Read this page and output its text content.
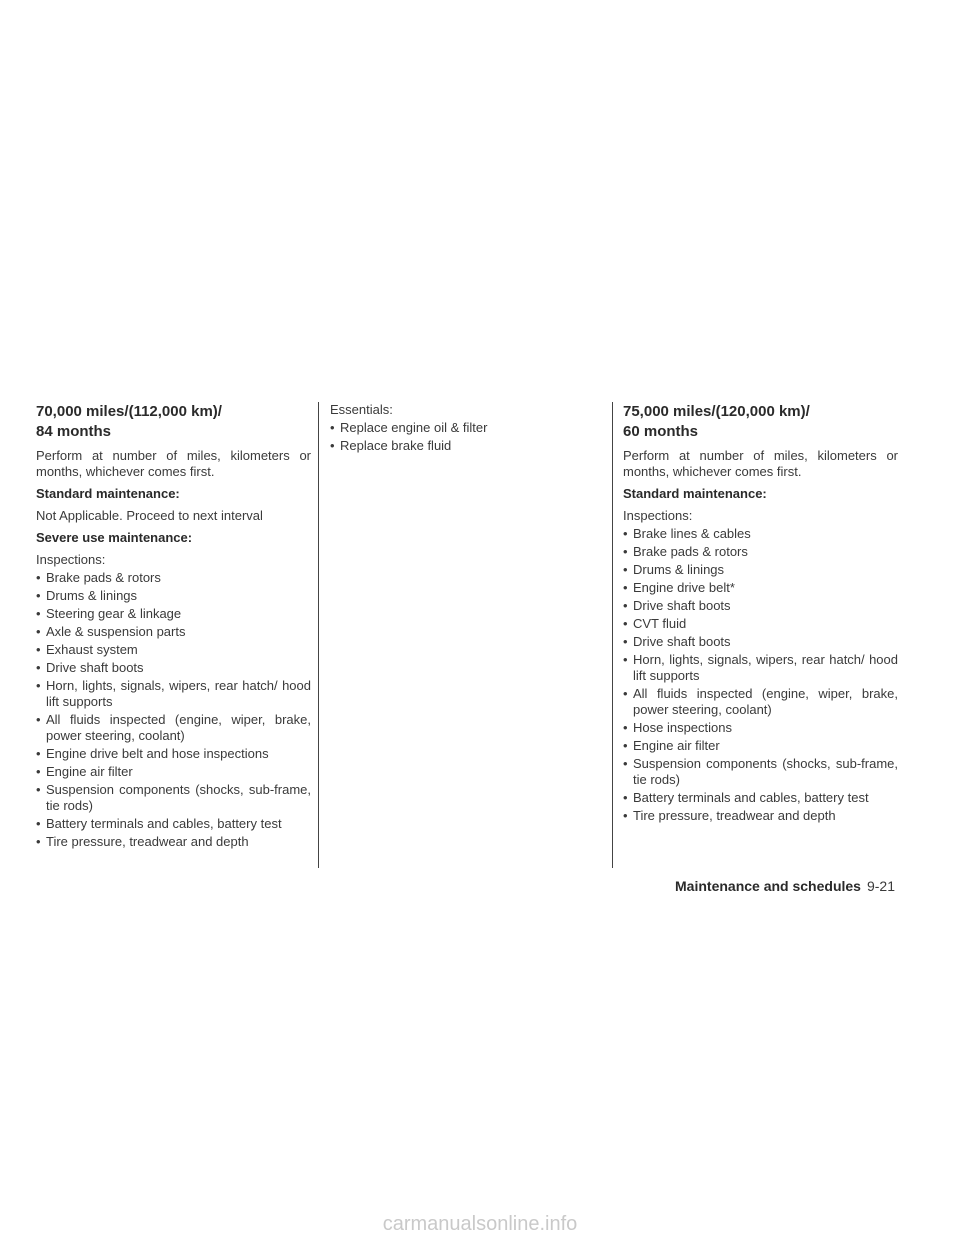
70,000 miles/(112,000 km)/
84 months

Perform at number of miles, kilometers or months, whichever comes first.

Standard maintenance:

Not Applicable. Proceed to next interval

Severe use maintenance:

Inspections:

• Brake pads & rotors
• Drums & linings
• Steering gear & linkage
• Axle & suspension parts
• Exhaust system
• Drive shaft boots
• Horn, lights, signals, wipers, rear hatch/ hood lift supports
• All fluids inspected (engine, wiper, brake, power steering, coolant)
• Engine drive belt and hose inspections
• Engine air filter
• Suspension components (shocks, sub-frame, tie rods)
• Battery terminals and cables, battery test
• Tire pressure, treadwear and depth

Essentials:

• Replace engine oil & filter
• Replace brake fluid
75,000 miles/(120,000 km)/
60 months

Perform at number of miles, kilometers or months, whichever comes first.

Standard maintenance:

Inspections:

• Brake lines & cables
• Brake pads & rotors
• Drums & linings
• Engine drive belt*
• Drive shaft boots
• CVT fluid
• Drive shaft boots
• Horn, lights, signals, wipers, rear hatch/ hood lift supports
• All fluids inspected (engine, wiper, brake, power steering, coolant)
• Hose inspections
• Engine air filter
• Suspension components (shocks, sub-frame, tie rods)
• Battery terminals and cables, battery test
• Tire pressure, treadwear and depth
Maintenance and schedules 9-21
carmanualsonline.info
